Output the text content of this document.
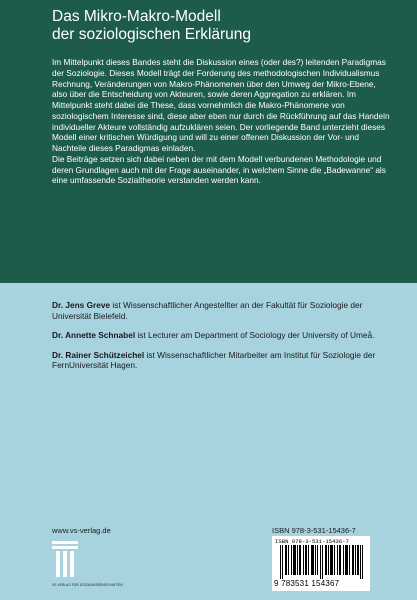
Das Mikro-Makro-Modell
der soziologischen Erklärung

Im Mittelpunkt dieses Bandes steht die Diskussion eines (oder des?) leitenden Paradigmas der Soziologie. Dieses Modell trägt der Forderung des methodologischen Individualismus Rechnung, Veränderungen von Makro-Phänomenen über den Umweg der Mikro-Ebene, also über die Entscheidung von Akteuren, sowie deren Aggregation zu erklären. Im Mittelpunkt steht dabei die These, dass vornehmlich die Makro-Phänomene von soziologischem Interesse sind, diese aber eben nur durch die Rückführung auf das Handeln individueller Akteure vollständig aufzuklären seien. Der vorliegende Band unterzieht dieses Modell einer kritischen Würdigung und will zu einer offenen Diskussion der Vor- und Nachteile dieses Paradigmas einladen.

Die Beiträge setzen sich dabei neben der mit dem Modell verbundenen Methodologie und deren Grundlagen auch mit der Frage auseinander, in welchem Sinne die „Badewanne“ als eine umfassende Sozialtheorie verstanden werden kann.

Dr. Jens Greve ist Wissenschaftlicher Angestellter an der Fakultät für Soziologie der Universität Bielefeld.

Dr. Annette Schnabel ist Lecturer am Department of Sociology der University of Umeå.

Dr. Rainer Schützeichel ist Wissenschaftlicher Mitarbeiter am Institut für Soziologie der FernUniversität Hagen.

www.vs-verlag.de	ISBN 978-3-531-15436-7
VS VERLAG FÜR SOZIALWISSENSCHAFTEN
ISBN 978-3-531-15436-7
9 783531 154367
